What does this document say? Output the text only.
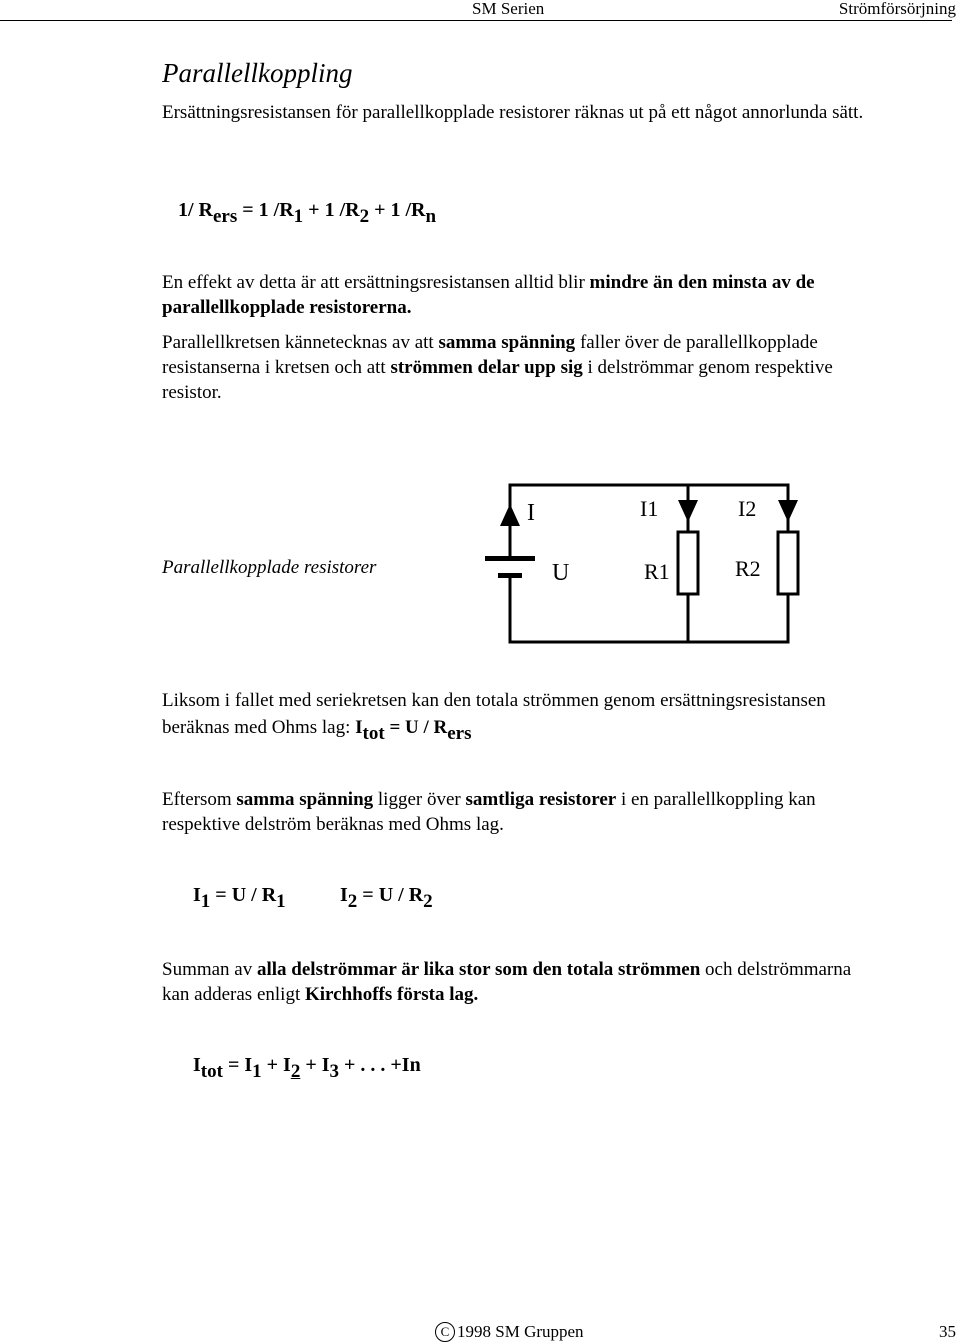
SM Serien	Strömförsörjning
Parallellkoppling
Ersättningsresistansen för parallellkopplade resistorer räknas ut på ett något annorlunda sätt.
1/ $R_{ers} = 1$ $/R_1 + 1$ $/R_2 + 1$ $/R_n$
En effekt av detta är att ersättningsresistansen alltid blir mindre än den minsta av de parallellkopplade resistorerna.
Parallellkretsen kännetecknas av att samma spänning faller över de parallellkopplade resistanserna i kretsen och att strömmen delar upp sig i delströmmar genom respektive resistor.
Parallellkopplade resistorer
I	I1	I2
U	R1	R2
Liksom i fallet med seriekretsen kan den totala strömmen genom ersättningsresistansen beräknas med Ohms lag: $I_{tot} = U / R_{ers}$
Eftersom samma spänning ligger över samtliga resistorer i en parallellkoppling kan respektive delström beräknas med Ohms lag.
$I_1 = U / R_1$	$I_2 = U / R_2$
Summan av alla delströmmar är lika stor som den totala strömmen och delströmmarna kan adderas enligt Kirchhoffs första lag.
$I_{tot} = I_1 + I_2 + I_3$ + . . . +In
C 1998 SM Gruppen	35
